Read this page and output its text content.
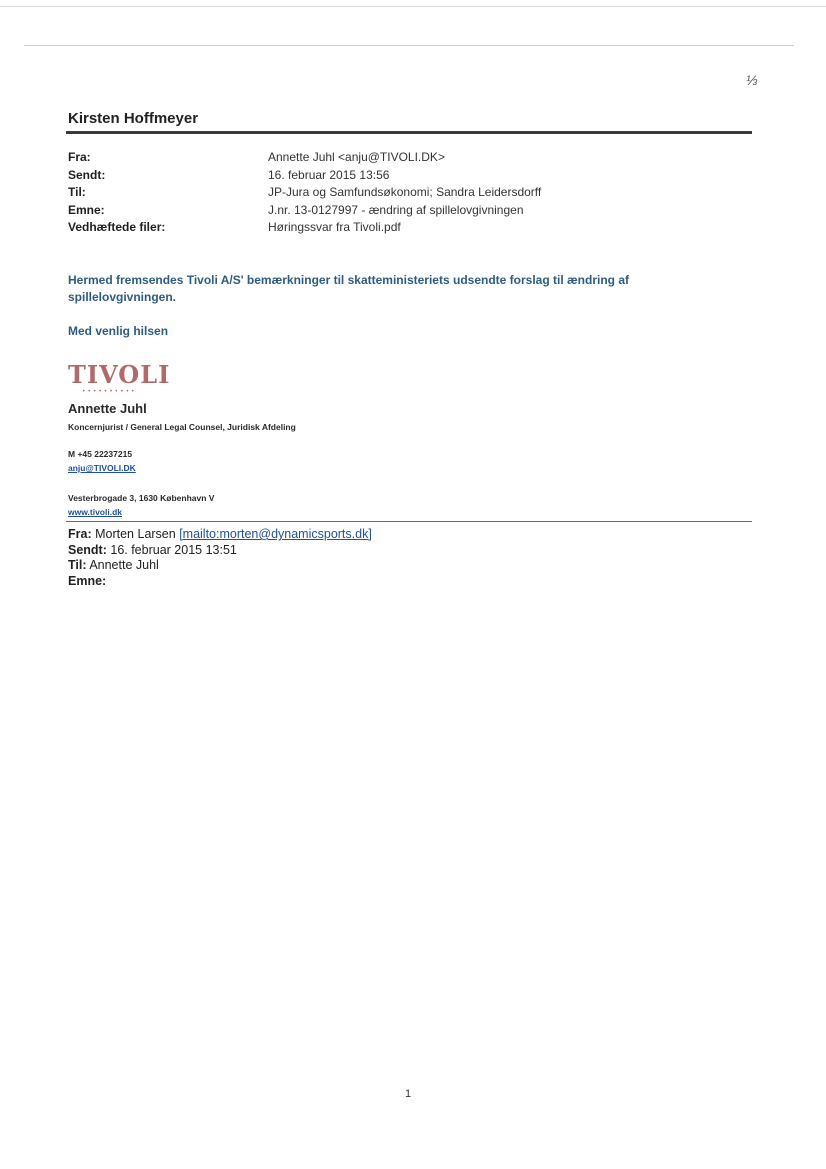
⅓
Kirsten Hoffmeyer
Fra:	Annette Juhl <anju@TIVOLI.DK>
Sendt:	16. februar 2015 13:56
Til:	JP-Jura og Samfundsøkonomi; Sandra Leidersdorff
Emne:	J.nr. 13-0127997 - ændring af spillelovgivningen
Vedhæftede filer:	Høringssvar fra Tivoli.pdf
Hermed fremsendes Tivoli A/S' bemærkninger til skatteministeriets udsendte forslag til ændring af spillelovgivningen.
Med venlig hilsen
TIVOLI
• • • • • • • • • •
Annette Juhl
Koncernjurist / General Legal Counsel, Juridisk Afdeling
M +45 22237215
anju@TIVOLI.DK
Vesterbrogade 3, 1630 København V
www.tivoli.dk
Fra: Morten Larsen [mailto:morten@dynamicsports.dk]
Sendt: 16. februar 2015 13:51
Til: Annette Juhl
Emne:
1
